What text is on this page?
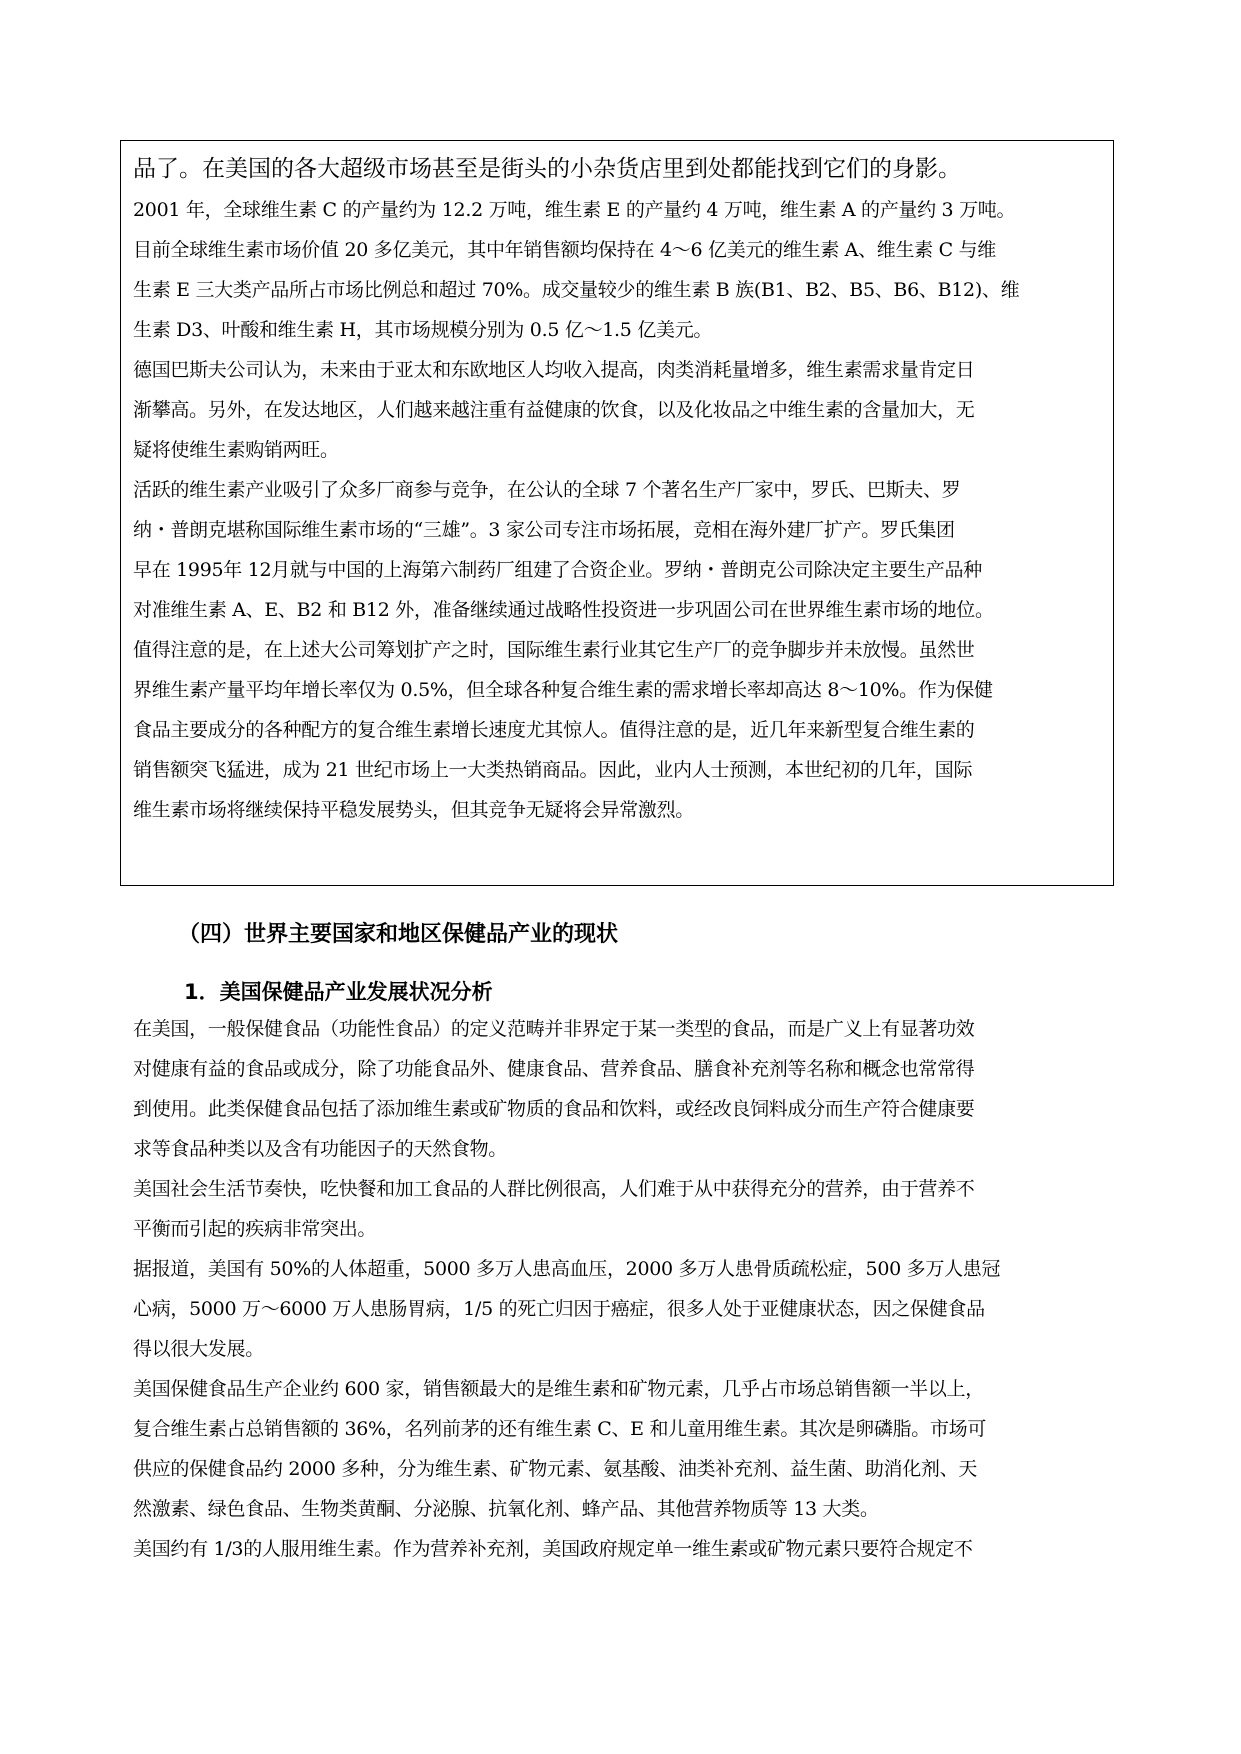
品了。在美国的各大超级市场甚至是街头的小杂货店里到处都能找到它们的身影。

2001 年，全球维生素 C 的产量约为 12.2 万吨，维生素 E 的产量约 4 万吨，维生素 A 的产量约 3 万吨。

目前全球维生素市场价值 20 多亿美元，其中年销售额均保持在 4～6 亿美元的维生素 A、维生素 C 与维

生素 E 三大类产品所占市场比例总和超过 70%。成交量较少的维生素 B 族(B1、B2、B5、B6、B12)、维

生素 D3、叶酸和维生素 H，其市场规模分别为 0.5 亿～1.5 亿美元。

德国巴斯夫公司认为，未来由于亚太和东欧地区人均收入提高，肉类消耗量增多，维生素需求量肯定日

渐攀高。另外，在发达地区，人们越来越注重有益健康的饮食，以及化妆品之中维生素的含量加大，无

疑将使维生素购销两旺。

活跃的维生素产业吸引了众多厂商参与竞争，在公认的全球 7 个著名生产厂家中，罗氏、巴斯夫、罗

纳・普朗克堪称国际维生素市场的“三雄”。3 家公司专注市场拓展，竞相在海外建厂扩产。罗氏集团

早在 1995年 12月就与中国的上海第六制药厂组建了合资企业。罗纳・普朗克公司除决定主要生产品种

对准维生素 A、E、B2 和 B12 外，准备继续通过战略性投资进一步巩固公司在世界维生素市场的地位。

值得注意的是，在上述大公司筹划扩产之时，国际维生素行业其它生产厂的竞争脚步并未放慢。虽然世

界维生素产量平均年增长率仅为 0.5%，但全球各种复合维生素的需求增长率却高达 8～10%。作为保健

食品主要成分的各种配方的复合维生素增长速度尤其惊人。值得注意的是，近几年来新型复合维生素的

销售额突飞猛进，成为 21 世纪市场上一大类热销商品。因此，业内人士预测，本世纪初的几年，国际

维生素市场将继续保持平稳发展势头，但其竞争无疑将会异常激烈。

（四）世界主要国家和地区保健品产业的现状
1．美国保健品产业发展状况分析

在美国，一般保健食品（功能性食品）的定义范畴并非界定于某一类型的食品，而是广义上有显著功效

对健康有益的食品或成分，除了功能食品外、健康食品、营养食品、膳食补充剂等名称和概念也常常得

到使用。此类保健食品包括了添加维生素或矿物质的食品和饮料，或经改良饲料成分而生产符合健康要

求等食品种类以及含有功能因子的天然食物。

美国社会生活节奏快，吃快餐和加工食品的人群比例很高，人们难于从中获得充分的营养，由于营养不

平衡而引起的疾病非常突出。

据报道，美国有 50%的人体超重，5000 多万人患高血压，2000 多万人患骨质疏松症，500 多万人患冠

心病，5000 万～6000 万人患肠胃病，1/5 的死亡归因于癌症，很多人处于亚健康状态，因之保健食品

得以很大发展。

美国保健食品生产企业约 600 家，销售额最大的是维生素和矿物元素，几乎占市场总销售额一半以上，

复合维生素占总销售额的 36%，名列前茅的还有维生素 C、E 和儿童用维生素。其次是卵磷脂。市场可

供应的保健食品约 2000 多种，分为维生素、矿物元素、氨基酸、油类补充剂、益生菌、助消化剂、天

然激素、绿色食品、生物类黄酮、分泌腺、抗氧化剂、蜂产品、其他营养物质等 13 大类。

美国约有 1/3的人服用维生素。作为营养补充剂，美国政府规定单一维生素或矿物元素只要符合规定不
